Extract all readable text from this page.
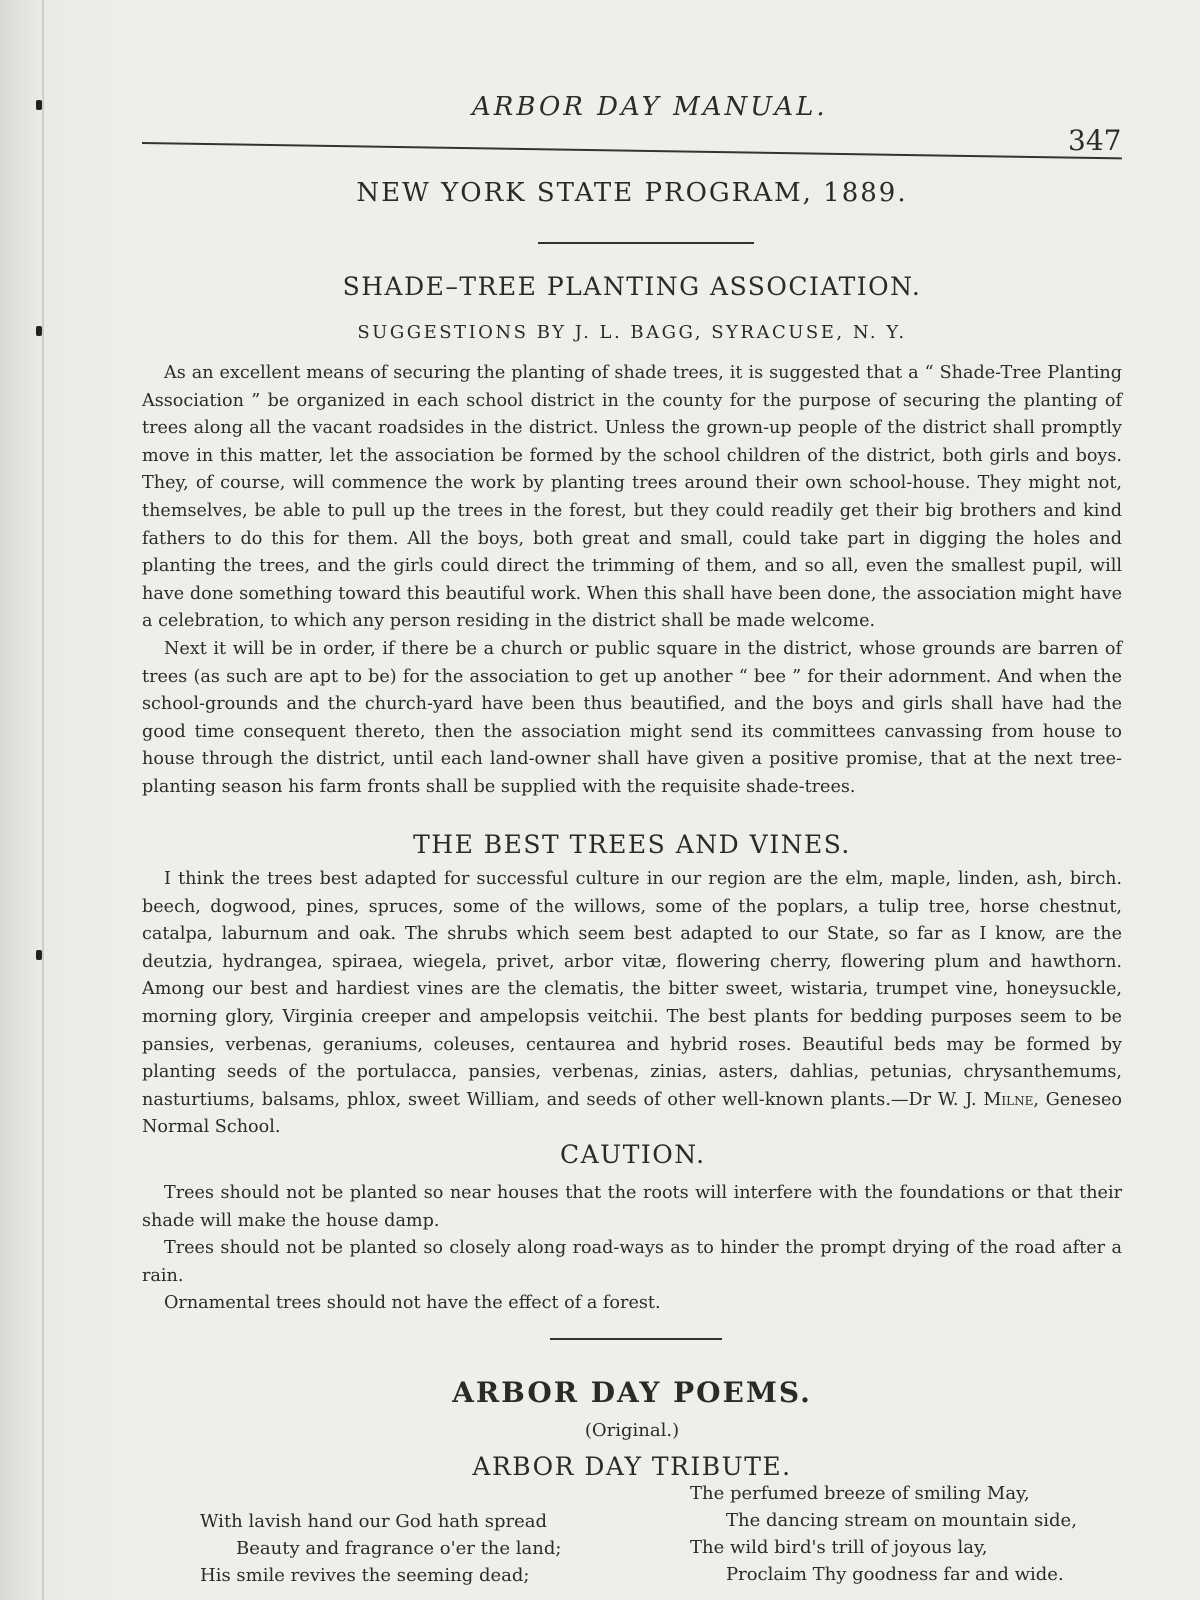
ARBOR DAY MANUAL.
347
NEW YORK STATE PROGRAM, 1889.
SHADE–TREE PLANTING ASSOCIATION.
SUGGESTIONS BY J. L. BAGG, SYRACUSE, N. Y.

As an excellent means of securing the planting of shade trees, it is suggested that a “ Shade-Tree Planting Association ” be organized in each school district in the county for the purpose of securing the planting of trees along all the vacant roadsides in the district. Unless the grown-up people of the district shall promptly move in this matter, let the association be formed by the school children of the district, both girls and boys. They, of course, will commence the work by planting trees around their own school-house. They might not, themselves, be able to pull up the trees in the forest, but they could readily get their big brothers and kind fathers to do this for them. All the boys, both great and small, could take part in digging the holes and planting the trees, and the girls could direct the trimming of them, and so all, even the smallest pupil, will have done something toward this beautiful work. When this shall have been done, the association might have a celebration, to which any person residing in the district shall be made welcome.

Next it will be in order, if there be a church or public square in the district, whose grounds are barren of trees (as such are apt to be) for the association to get up another “ bee ” for their adornment. And when the school-grounds and the church-yard have been thus beautified, and the boys and girls shall have had the good time consequent thereto, then the association might send its committees canvassing from house to house through the district, until each land-owner shall have given a positive promise, that at the next tree-planting season his farm fronts shall be supplied with the requisite shade-trees.

THE BEST TREES AND VINES.

I think the trees best adapted for successful culture in our region are the elm, maple, linden, ash, birch. beech, dogwood, pines, spruces, some of the willows, some of the poplars, a tulip tree, horse chestnut, catalpa, laburnum and oak. The shrubs which seem best adapted to our State, so far as I know, are the deutzia, hydrangea, spiraea, wiegela, privet, arbor vitæ, flowering cherry, flowering plum and hawthorn. Among our best and hardiest vines are the clematis, the bitter sweet, wistaria, trumpet vine, honeysuckle, morning glory, Virginia creeper and ampelopsis veitchii. The best plants for bedding purposes seem to be pansies, verbenas, geraniums, coleuses, centaurea and hybrid roses. Beautiful beds may be formed by planting seeds of the portulacca, pansies, verbenas, zinias, asters, dahlias, petunias, chrysanthemums, nasturtiums, balsams, phlox, sweet William, and seeds of other well-known plants.—Dr W. J. Milne, Geneseo Normal School.

CAUTION.

Trees should not be planted so near houses that the roots will interfere with the foundations or that their shade will make the house damp.

Trees should not be planted so closely along road-ways as to hinder the prompt drying of the road after a rain.

Ornamental trees should not have the effect of a forest.

ARBOR DAY POEMS.
(Original.)
ARBOR DAY TRIBUTE.
With lavish hand our God hath spread
Beauty and fragrance o'er the land;
His smile revives the seeming dead;
The perfumed breeze of smiling May,
The dancing stream on mountain side,
The wild bird's trill of joyous lay,
Proclaim Thy goodness far and wide.
